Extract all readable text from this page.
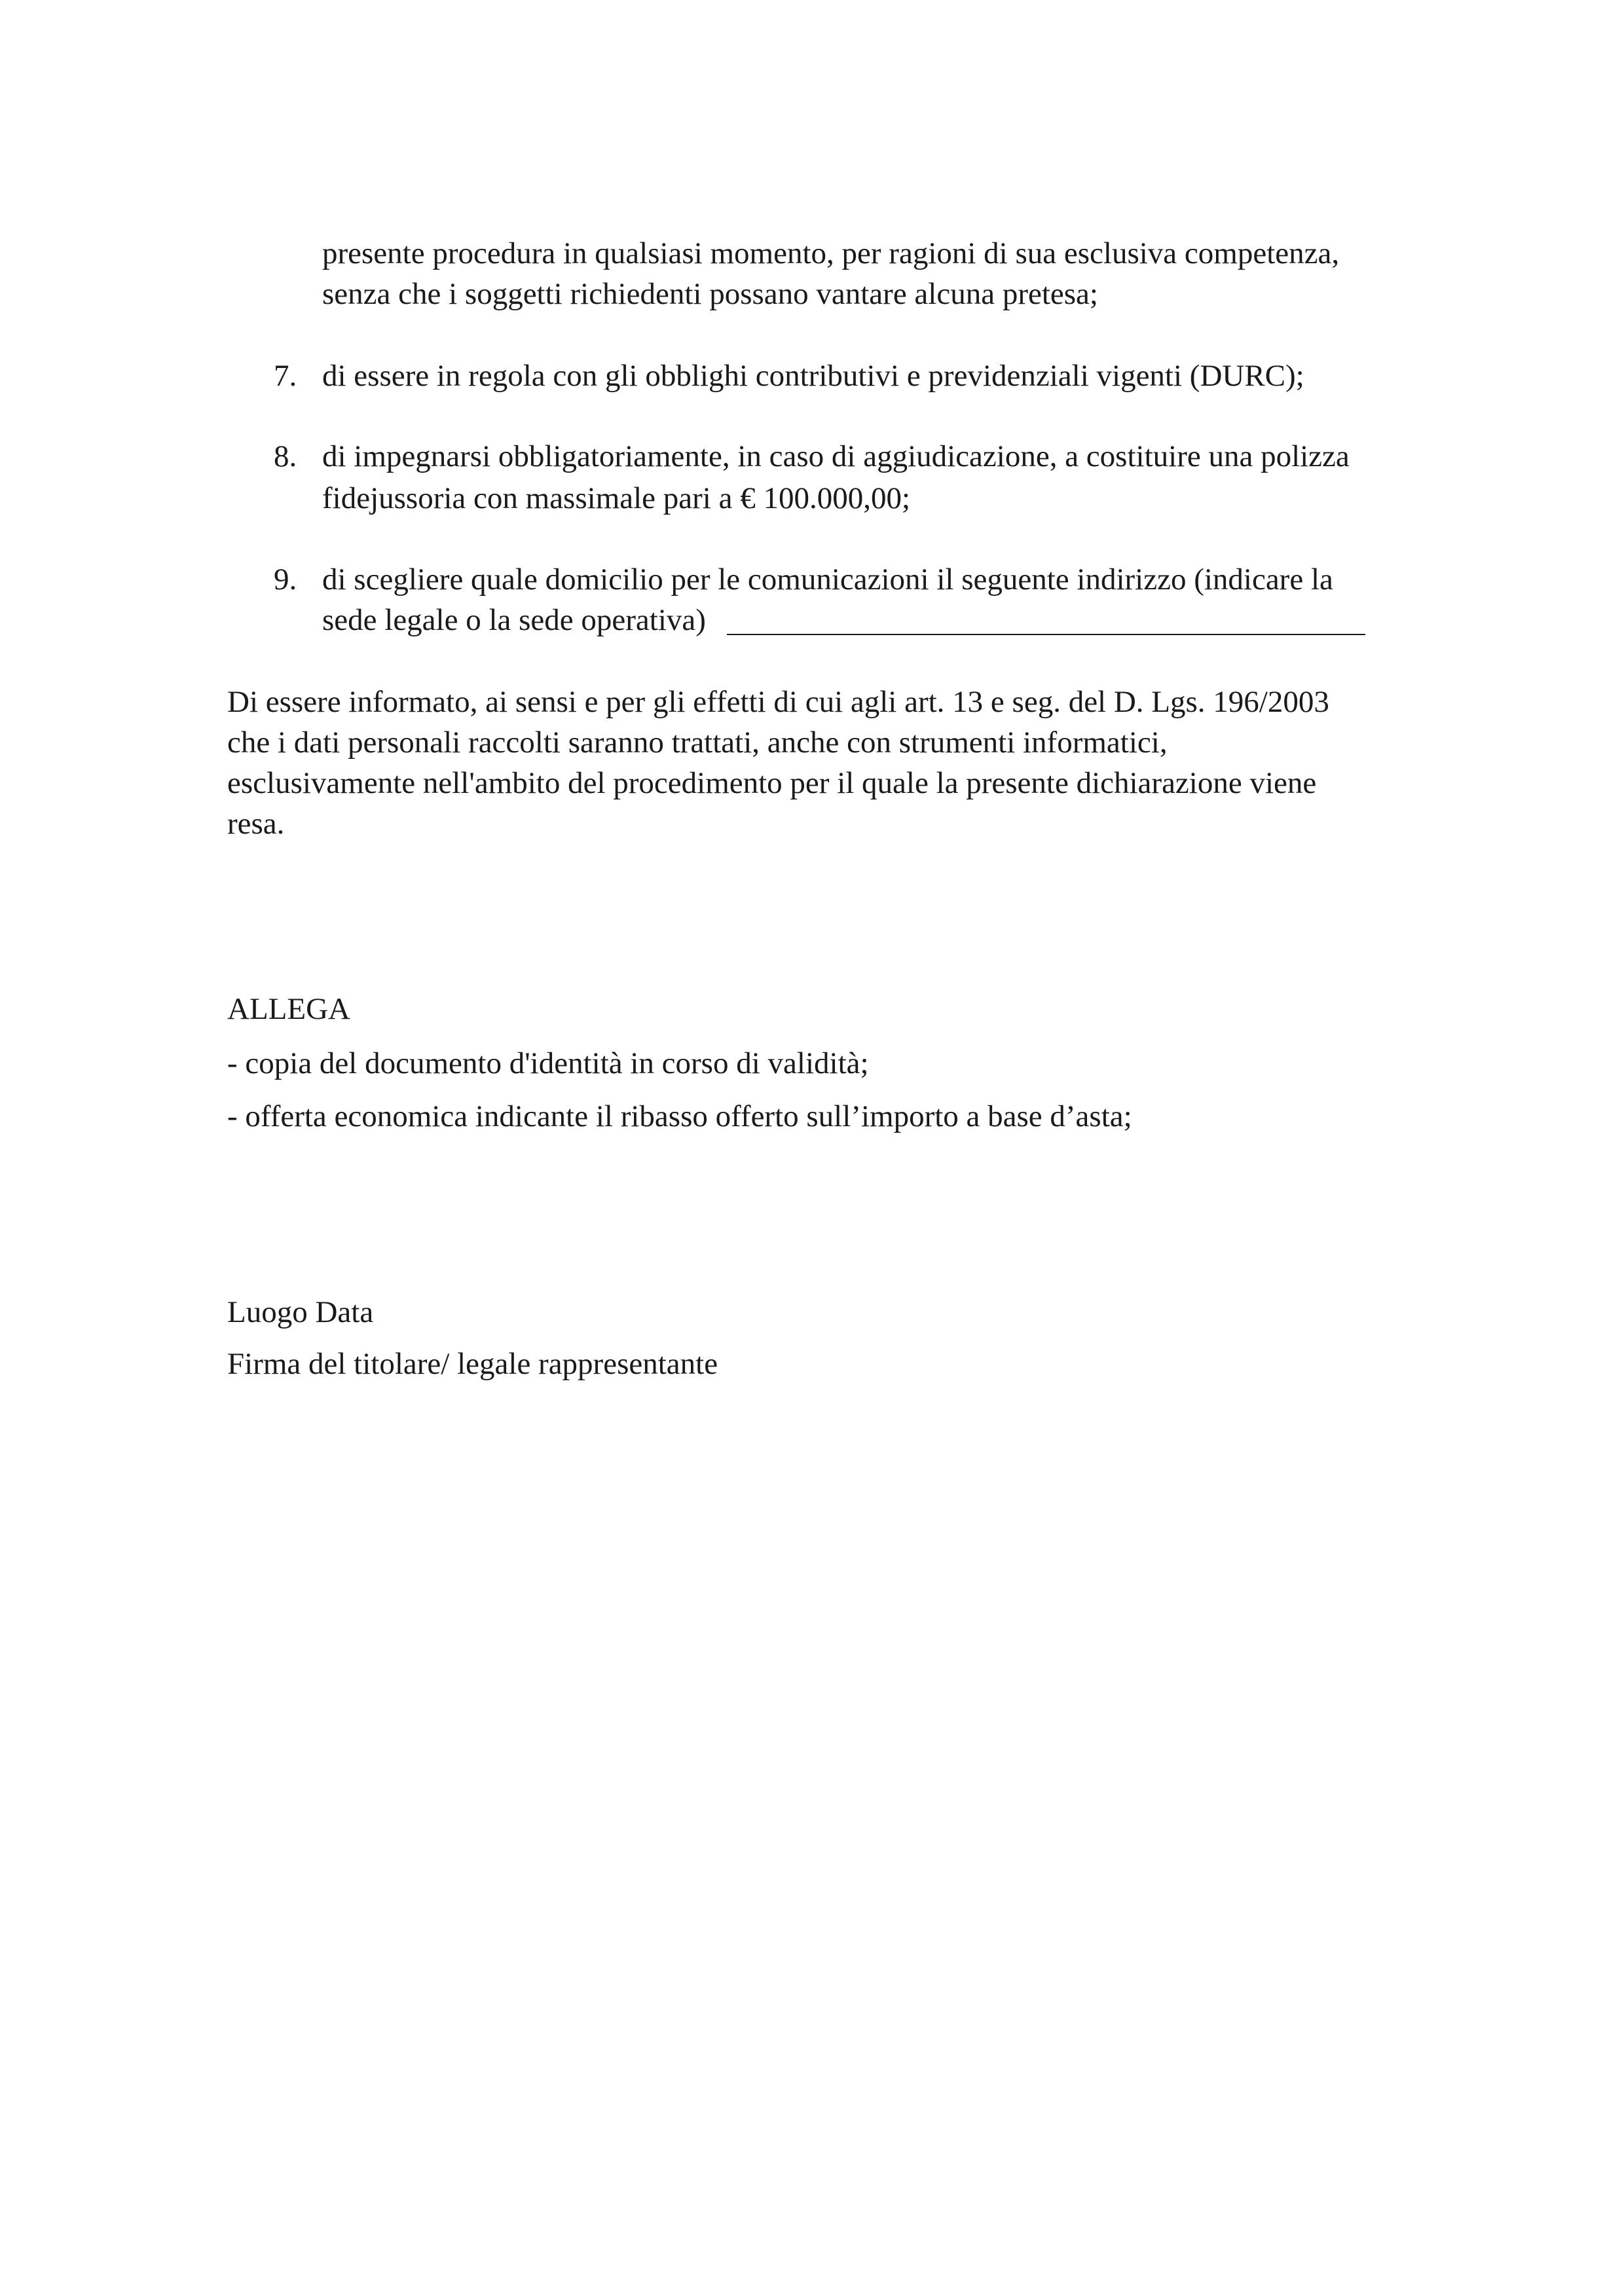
presente procedura in qualsiasi momento, per ragioni di sua esclusiva competenza,
senza che i soggetti richiedenti possano vantare alcuna pretesa;
7. di essere in regola con gli obblighi contributivi e previdenziali vigenti (DURC);
8. di impegnarsi obbligatoriamente, in caso di aggiudicazione, a costituire una polizza
fidejussoria con massimale pari a € 100.000,00;
9. di scegliere quale domicilio per le comunicazioni il seguente indirizzo (indicare la
sede legale o la sede operativa)
Di essere informato, ai sensi e per gli effetti di cui agli art. 13 e seg. del D. Lgs. 196/2003
che i dati personali raccolti saranno trattati, anche con strumenti informatici,
esclusivamente nell'ambito del procedimento per il quale la presente dichiarazione viene
resa.
ALLEGA
- copia del documento d'identità in corso di validità;
- offerta economica indicante il ribasso offerto sull’importo a base d’asta;
Luogo Data
Firma del titolare/ legale rappresentante
